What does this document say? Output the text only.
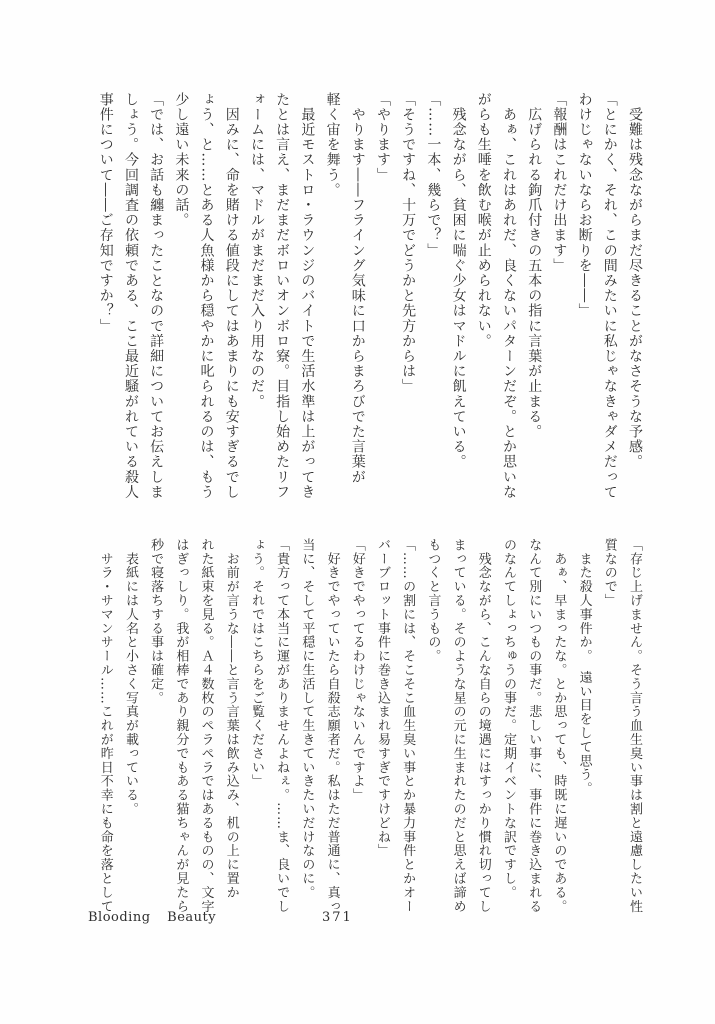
　受難は残念ながらまだ尽きることがなさそうな予感。
「とにかく、それ、この間みたいに私じゃなきゃダメだって
わけじゃないならお断りを――」
「報酬はこれだけ出ます」
　広げられる鉤爪付きの五本の指に言葉が止まる。
　あぁ、これはあれだ、良くないパターンだぞ。とか思いな
がらも生唾を飲む喉が止められない。
　残念ながら、貧困に喘ぐ少女はマドルに飢えている。
「……一本、幾らで？」
「そうですね、十万でどうかと先方からは」
「やります」
　やります――フライング気味に口からまろびでた言葉が
軽く宙を舞う。
　最近モストロ・ラウンジのバイトで生活水準は上がってき
たとは言え、まだまだボロいオンボロ寮。目指し始めたリフ
ォームには、マドルがまだまだ入り用なのだ。
　因みに、命を賭ける値段にしてはあまりにも安すぎるでし
ょう、と……とある人魚様から穏やかに叱られるのは、もう
少し遠い未来の話。
「では、お話も纏まったことなので詳細についてお伝えしま
しょう。今回調査の依頼である、ここ最近騒がれている殺人
事件について――ご存知ですか？」
「存じ上げません。そう言う血生臭い事は割と遠慮したい性
質なので」
　また殺人事件か。　遠い目をして思う。
　あぁ、早まったな。とか思っても、時既に遅いのである。
なんて別にいつもの事だ。悲しい事に、事件に巻き込まれる
のなんてしょっちゅうの事だ。定期イベントな訳ですし。
　残念ながら、こんな自らの境遇にはすっかり慣れ切ってし
まっている。そのような星の元に生まれたのだと思えば諦め
もつくと言うもの。
「……の割には、そこそこ血生臭い事とか暴力事件とかオー
バーブロット事件に巻き込まれ易すぎですけどね」
「好きでやってるわけじゃないんですよ」
　好きでやっていたら自殺志願者だ。私はただ普通に、真っ
当に、そして平穏に生活して生きていきたいだけなのに。
「貴方って本当に運がありませんよねぇ。……ま、良いでし
ょう。それではこちらをご覧ください」
　お前が言うな――と言う言葉は飲み込み、机の上に置か
れた紙束を見る。Ａ４数枚のペラペラではあるものの、文字
はぎっしり。我が相棒であり親分でもある猫ちゃんが見たら
秒で寝落ちする事は確定。
　表紙には人名と小さく写真が載っている。
　サラ・サマンサール……これが昨日不幸にも命を落として
Blooding Beauty	371
